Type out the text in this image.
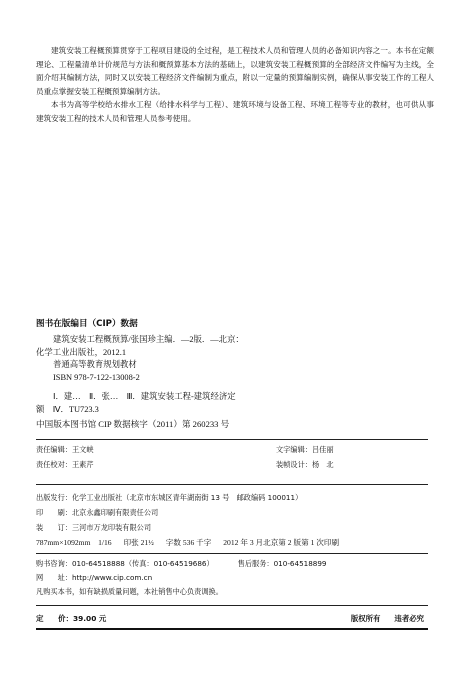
建筑安装工程概预算贯穿于工程项目建设的全过程，是工程技术人员和管理人员的必备知识内容之一。本书在定额理论、工程量清单计价规范与方法和概预算基本方法的基础上，以建筑安装工程概预算的全部经济文件编写为主线，全面介绍其编制方法，同时又以安装工程经济文件编制为重点，附以一定量的预算编制实例，确保从事安装工作的工程人员重点掌握安装工程概预算编制方法。

本书为高等学校给水排水工程（给排水科学与工程）、建筑环境与设备工程、环境工程等专业的教材，也可供从事建筑安装工程的技术人员和管理人员参考使用。

图书在版编目（CIP）数据
建筑安装工程概预算/张国珍主编．—2版．—北京：
化学工业出版社，2012.1
普通高等教育规划教材
ISBN 978-7-122-13008-2
Ⅰ．建…　Ⅱ．张…　Ⅲ．建筑安装工程-建筑经济定
额　Ⅳ．TU723.3
中国版本图书馆 CIP 数据核字（2011）第 260233 号
责任编辑：王文峡	文字编辑：吕佳丽
责任校对：王素芹	装帧设计：杨　北
出版发行：化学工业出版社（北京市东城区青年湖南街 13 号　邮政编码 100011）
印　　刷：北京永鑫印刷有限责任公司
装　　订：三河市万龙印装有限公司
787mm×1092mm　1/16 印张 21½ 字数 536 千字 2012 年 3 月北京第 2 版第 1 次印刷
购书咨询：010-64518888（传真：010-64519686）	售后服务：010-64518899
网　　址：http://www.cip.com.cn
凡购买本书，如有缺损质量问题，本社销售中心负责调换。
定　　价：39.00 元	版权所有 违者必究
